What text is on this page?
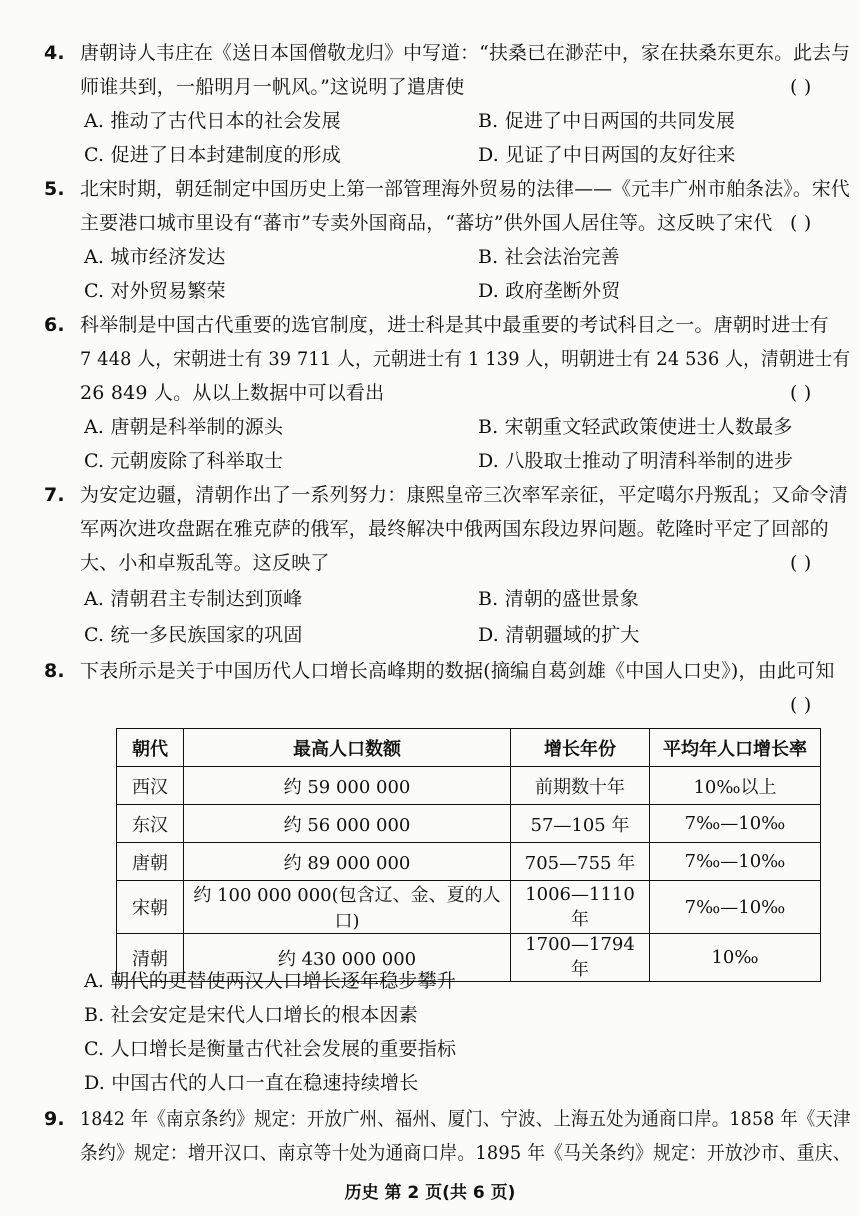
4. 唐朝诗人韦庄在《送日本国僧敬龙归》中写道：“扶桑已在渺茫中，家在扶桑东更东。此去与
师谁共到，一船明月一帆风。”这说明了遣唐使	( )
A. 推动了古代日本的社会发展	B. 促进了中日两国的共同发展
C. 促进了日本封建制度的形成	D. 见证了中日两国的友好往来
5. 北宋时期，朝廷制定中国历史上第一部管理海外贸易的法律——《元丰广州市舶条法》。宋代
主要港口城市里设有“蕃市”专卖外国商品，“蕃坊”供外国人居住等。这反映了宋代 ( )
A. 城市经济发达	B. 社会法治完善
C. 对外贸易繁荣	D. 政府垄断外贸
6. 科举制是中国古代重要的选官制度，进士科是其中最重要的考试科目之一。唐朝时进士有
7 448 人，宋朝进士有 39 711 人，元朝进士有 1 139 人，明朝进士有 24 536 人，清朝进士有
26 849 人。从以上数据中可以看出	( )
A. 唐朝是科举制的源头	B. 宋朝重文轻武政策使进士人数最多
C. 元朝废除了科举取士	D. 八股取士推动了明清科举制的进步
7. 为安定边疆，清朝作出了一系列努力：康熙皇帝三次率军亲征，平定噶尔丹叛乱；又命令清
军两次进攻盘踞在雅克萨的俄军，最终解决中俄两国东段边界问题。乾隆时平定了回部的
大、小和卓叛乱等。这反映了	( )
A. 清朝君主专制达到顶峰	B. 清朝的盛世景象
C. 统一多民族国家的巩固	D. 清朝疆域的扩大
8. 下表所示是关于中国历代人口增长高峰期的数据(摘编自葛剑雄《中国人口史》)，由此可知
( )
朝代	最高人口数额	增长年份	平均年人口增长率
西汉	约 59 000 000	前期数十年	10‰以上
东汉	约 56 000 000	57—105 年	7‰—10‰
唐朝	约 89 000 000	705—755 年	7‰—10‰
宋朝	约 100 000 000(包含辽、金、夏的人口)	1006—1110 年	7‰—10‰
清朝	约 430 000 000	1700—1794 年	10‰
A. 朝代的更替使两汉人口增长逐年稳步攀升
B. 社会安定是宋代人口增长的根本因素
C. 人口增长是衡量古代社会发展的重要指标
D. 中国古代的人口一直在稳速持续增长
9. 1842 年《南京条约》规定：开放广州、福州、厦门、宁波、上海五处为通商口岸。1858 年《天津
条约》规定：增开汉口、南京等十处为通商口岸。1895 年《马关条约》规定：开放沙市、重庆、
历史 第 2 页(共 6 页)
